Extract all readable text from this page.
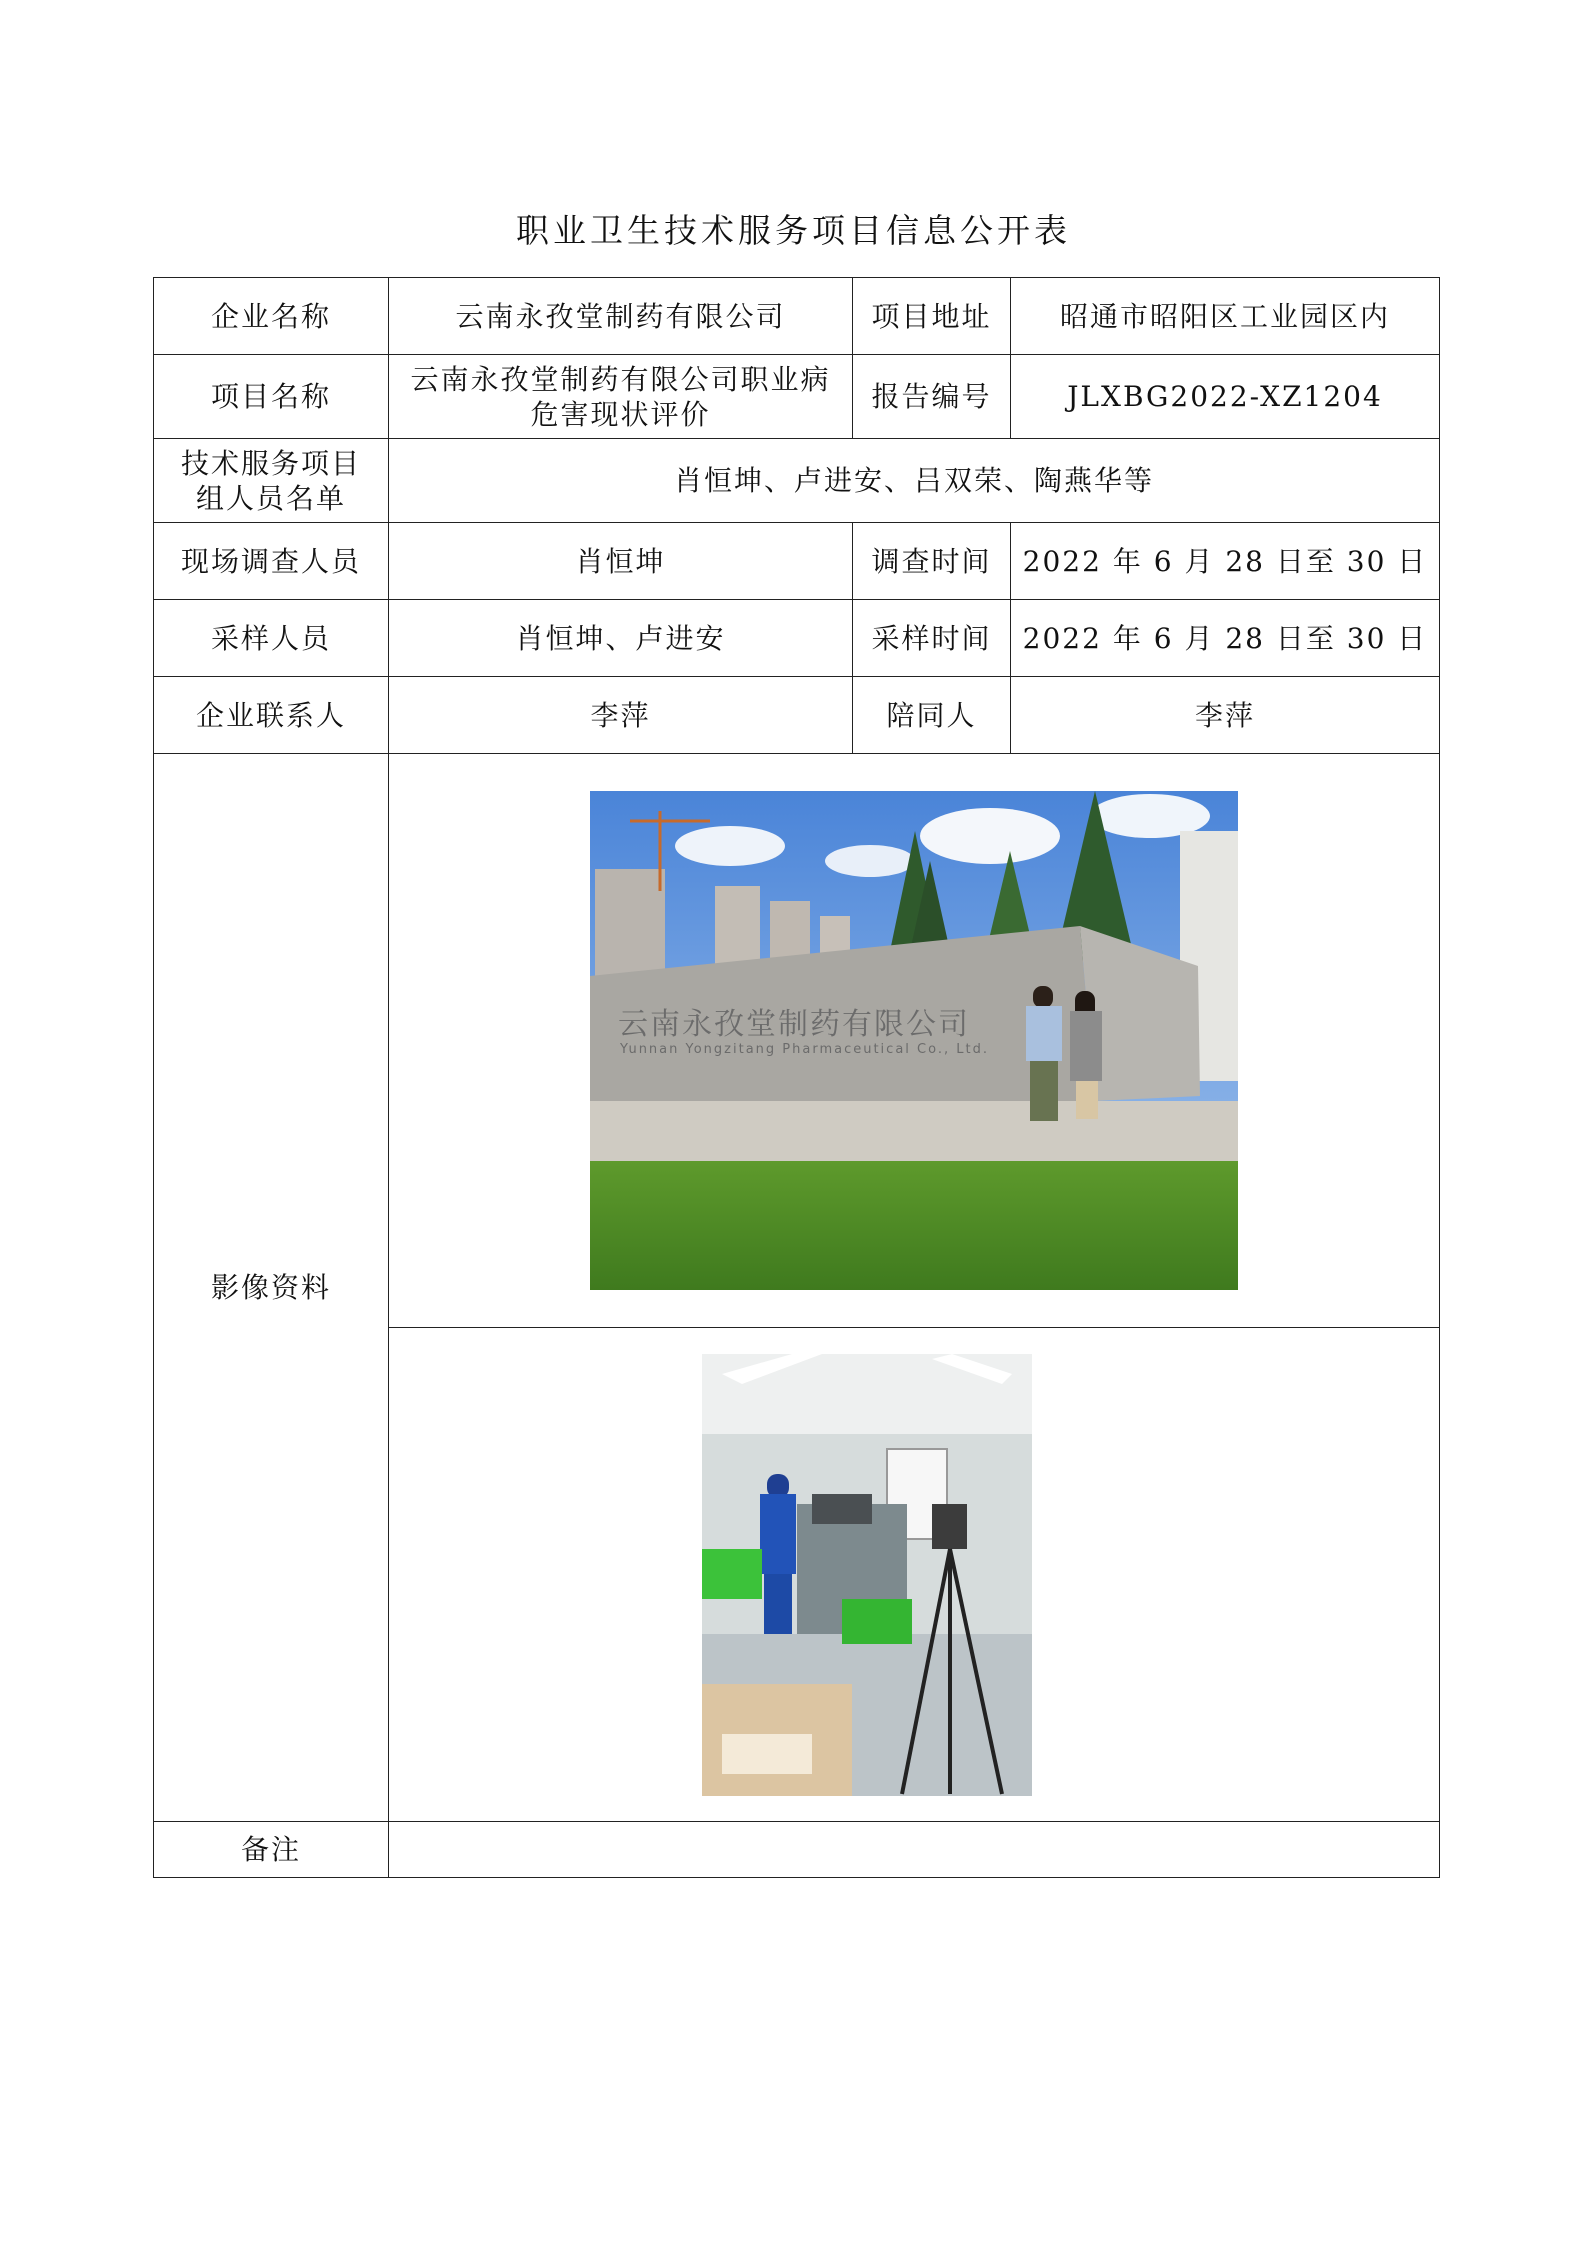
职业卫生技术服务项目信息公开表
企业名称	云南永孜堂制药有限公司	项目地址	昭通市昭阳区工业园区内
项目名称	云南永孜堂制药有限公司职业病危害现状评价	报告编号	JLXBG2022-XZ1204
技术服务项目组人员名单	肖恒坤、卢进安、吕双荣、陶燕华等		
现场调查人员	肖恒坤	调查时间	2022 年 6 月 28 日至 30 日
采样人员	肖恒坤、卢进安	采样时间	2022 年 6 月 28 日至 30 日
企业联系人	李萍	陪同人	李萍
影像资料	云南永孜堂制药有限公司
Yunnan Yongzitang Pharmaceutical Co., Ltd.		

备注			
